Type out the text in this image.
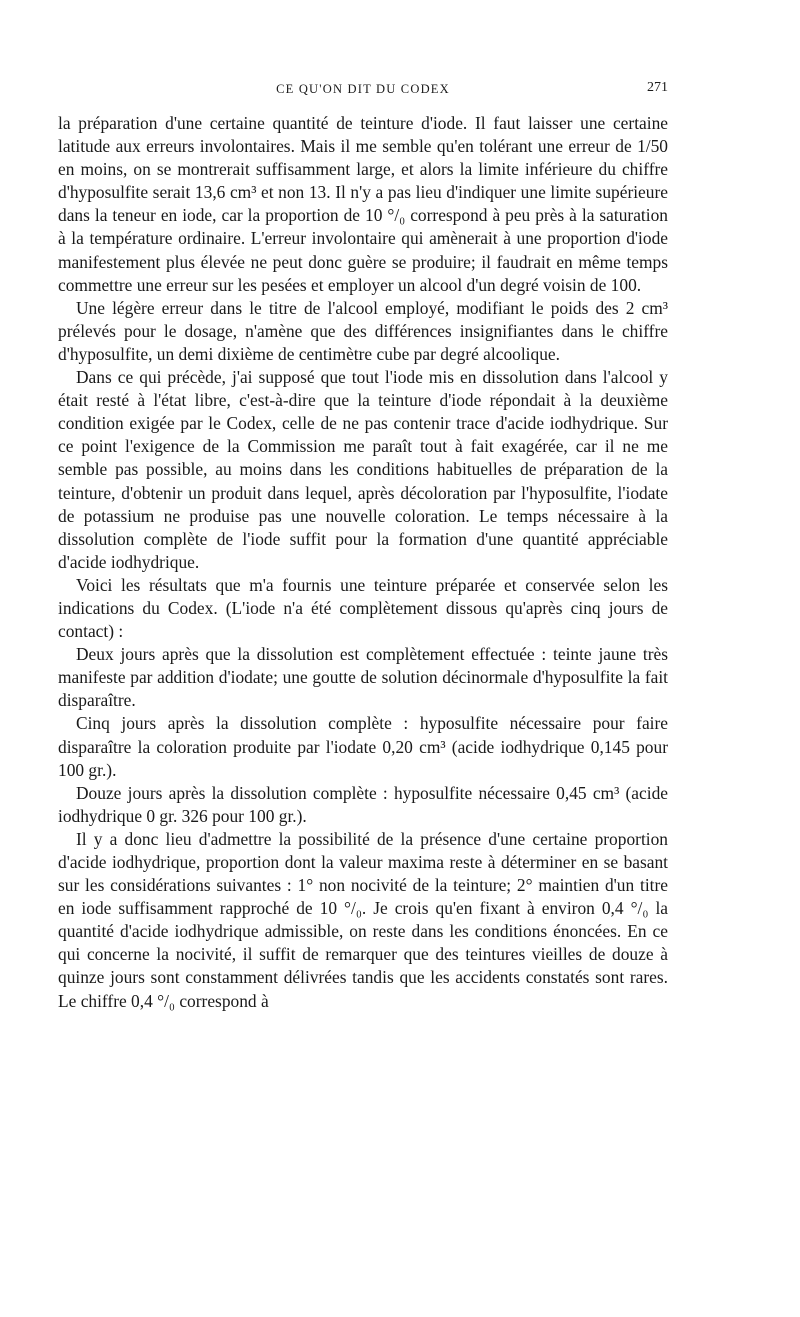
CE QU'ON DIT DU CODEX	271

la préparation d'une certaine quantité de teinture d'iode. Il faut laisser une certaine latitude aux erreurs involontaires. Mais il me semble qu'en tolérant une erreur de 1/50 en moins, on se montrerait suffisamment large, et alors la limite inférieure du chiffre d'hyposulfite serait 13,6 cm³ et non 13. Il n'y a pas lieu d'indiquer une limite supérieure dans la teneur en iode, car la proportion de 10 °/₀ correspond à peu près à la saturation à la température ordinaire. L'erreur involontaire qui amènerait à une proportion d'iode manifestement plus élevée ne peut donc guère se produire; il faudrait en même temps commettre une erreur sur les pesées et employer un alcool d'un degré voisin de 100.

Une légère erreur dans le titre de l'alcool employé, modifiant le poids des 2 cm³ prélevés pour le dosage, n'amène que des différences insignifiantes dans le chiffre d'hyposulfite, un demi dixième de centimètre cube par degré alcoolique.

Dans ce qui précède, j'ai supposé que tout l'iode mis en dissolution dans l'alcool y était resté à l'état libre, c'est-à-dire que la teinture d'iode répondait à la deuxième condition exigée par le Codex, celle de ne pas contenir trace d'acide iodhydrique. Sur ce point l'exigence de la Commission me paraît tout à fait exagérée, car il ne me semble pas possible, au moins dans les conditions habituelles de préparation de la teinture, d'obtenir un produit dans lequel, après décoloration par l'hyposulfite, l'iodate de potassium ne produise pas une nouvelle coloration. Le temps nécessaire à la dissolution complète de l'iode suffit pour la formation d'une quantité appréciable d'acide iodhydrique.

Voici les résultats que m'a fournis une teinture préparée et conservée selon les indications du Codex. (L'iode n'a été complètement dissous qu'après cinq jours de contact) :

Deux jours après que la dissolution est complètement effectuée : teinte jaune très manifeste par addition d'iodate; une goutte de solution décinormale d'hyposulfite la fait disparaître.

Cinq jours après la dissolution complète : hyposulfite nécessaire pour faire disparaître la coloration produite par l'iodate 0,20 cm³ (acide iodhydrique 0,145 pour 100 gr.).

Douze jours après la dissolution complète : hyposulfite nécessaire 0,45 cm³ (acide iodhydrique 0 gr. 326 pour 100 gr.).

Il y a donc lieu d'admettre la possibilité de la présence d'une certaine proportion d'acide iodhydrique, proportion dont la valeur maxima reste à déterminer en se basant sur les considérations suivantes : 1° non nocivité de la teinture; 2° maintien d'un titre en iode suffisamment rapproché de 10 °/₀. Je crois qu'en fixant à environ 0,4 °/₀ la quantité d'acide iodhydrique admissible, on reste dans les conditions énoncées. En ce qui concerne la nocivité, il suffit de remarquer que des teintures vieilles de douze à quinze jours sont constamment délivrées tandis que les accidents constatés sont rares. Le chiffre 0,4 °/₀ correspond à
